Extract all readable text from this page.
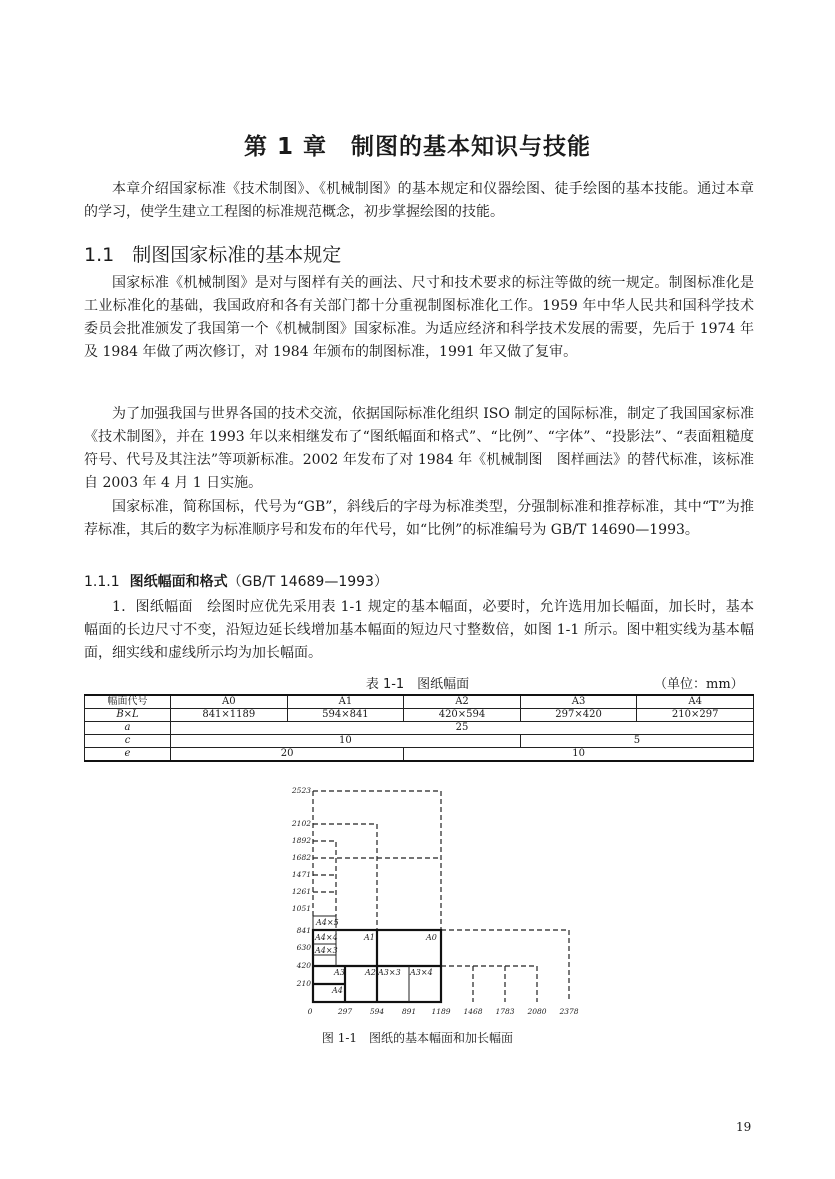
第 1 章　制图的基本知识与技能

本章介绍国家标准《技术制图》、《机械制图》的基本规定和仪器绘图、徒手绘图的基本技能。通过本章的学习，使学生建立工程图的标准规范概念，初步掌握绘图的技能。

1.1 制图国家标准的基本规定

国家标准《机械制图》是对与图样有关的画法、尺寸和技术要求的标注等做的统一规定。制图标准化是工业标准化的基础，我国政府和各有关部门都十分重视制图标准化工作。1959 年中华人民共和国科学技术委员会批准颁发了我国第一个《机械制图》国家标准。为适应经济和科学技术发展的需要，先后于 1974 年及 1984 年做了两次修订，对 1984 年颁布的制图标准，1991 年又做了复审。

为了加强我国与世界各国的技术交流，依据国际标准化组织 ISO 制定的国际标准，制定了我国国家标准《技术制图》，并在 1993 年以来相继发布了“图纸幅面和格式”、“比例”、“字体”、“投影法”、“表面粗糙度符号、代号及其注法”等项新标准。2002 年发布了对 1984 年《机械制图　图样画法》的替代标准，该标准自 2003 年 4 月 1 日实施。

国家标准，简称国标，代号为“GB”，斜线后的字母为标准类型，分强制标准和推荐标准，其中“T”为推荐标准，其后的数字为标准顺序号和发布的年代号，如“比例”的标准编号为 GB/T 14690—1993。

1.1.1 图纸幅面和格式（GB/T 14689—1993）

1．图纸幅面　绘图时应优先采用表 1-1 规定的基本幅面，必要时，允许选用加长幅面，加长时，基本幅面的长边尺寸不变，沿短边延长线增加基本幅面的短边尺寸整数倍，如图 1-1 所示。图中粗实线为基本幅面，细实线和虚线所示均为加长幅面。

表 1-1　图纸幅面	（单位：mm）
幅面代号	A0	A1	A2	A3	A4
B×L	841×1189	594×841	420×594	297×420	210×297
a	25				
c	10			5	
e	20		10		
2523
2102
1892
1682
1471
1261
1051
841
630
420
210
0	297 594 891 1189 1468 1783 2080 2378
A4×5
A4×4	A1	A0
A4×3
A3	A2 A3×3 A3×4
A4
图 1-1　图纸的基本幅面和加长幅面
19
